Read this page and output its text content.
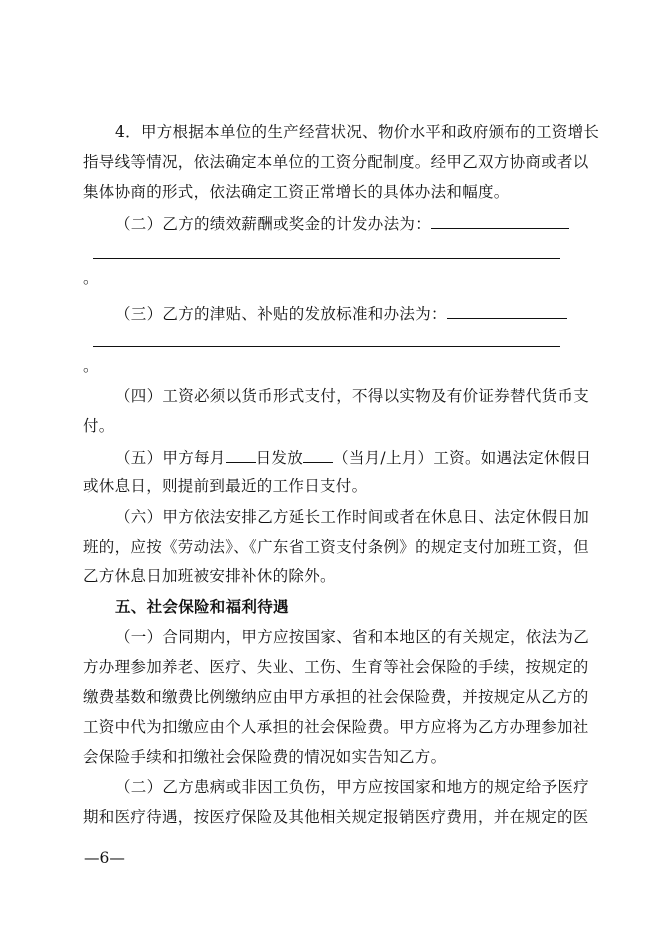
4．甲方根据本单位的生产经营状况、物价水平和政府颁布的工资增长
指导线等情况，依法确定本单位的工资分配制度。经甲乙双方协商或者以
集体协商的形式，依法确定工资正常增长的具体办法和幅度。
（二）乙方的绩效薪酬或奖金的计发办法为：
。
（三）乙方的津贴、补贴的发放标准和办法为：
。
（四）工资必须以货币形式支付，不得以实物及有价证券替代货币支
付。
（五）甲方每月 日发放 （当月/上月）工资。如遇法定休假日
或休息日，则提前到最近的工作日支付。
（六）甲方依法安排乙方延长工作时间或者在休息日、法定休假日加
班的，应按《劳动法》、《广东省工资支付条例》的规定支付加班工资，但
乙方休息日加班被安排补休的除外。
五、社会保险和福利待遇
（一）合同期内，甲方应按国家、省和本地区的有关规定，依法为乙
方办理参加养老、医疗、失业、工伤、生育等社会保险的手续，按规定的
缴费基数和缴费比例缴纳应由甲方承担的社会保险费，并按规定从乙方的
工资中代为扣缴应由个人承担的社会保险费。甲方应将为乙方办理参加社
会保险手续和扣缴社会保险费的情况如实告知乙方。
（二）乙方患病或非因工负伤，甲方应按国家和地方的规定给予医疗
期和医疗待遇，按医疗保险及其他相关规定报销医疗费用，并在规定的医
—6—
